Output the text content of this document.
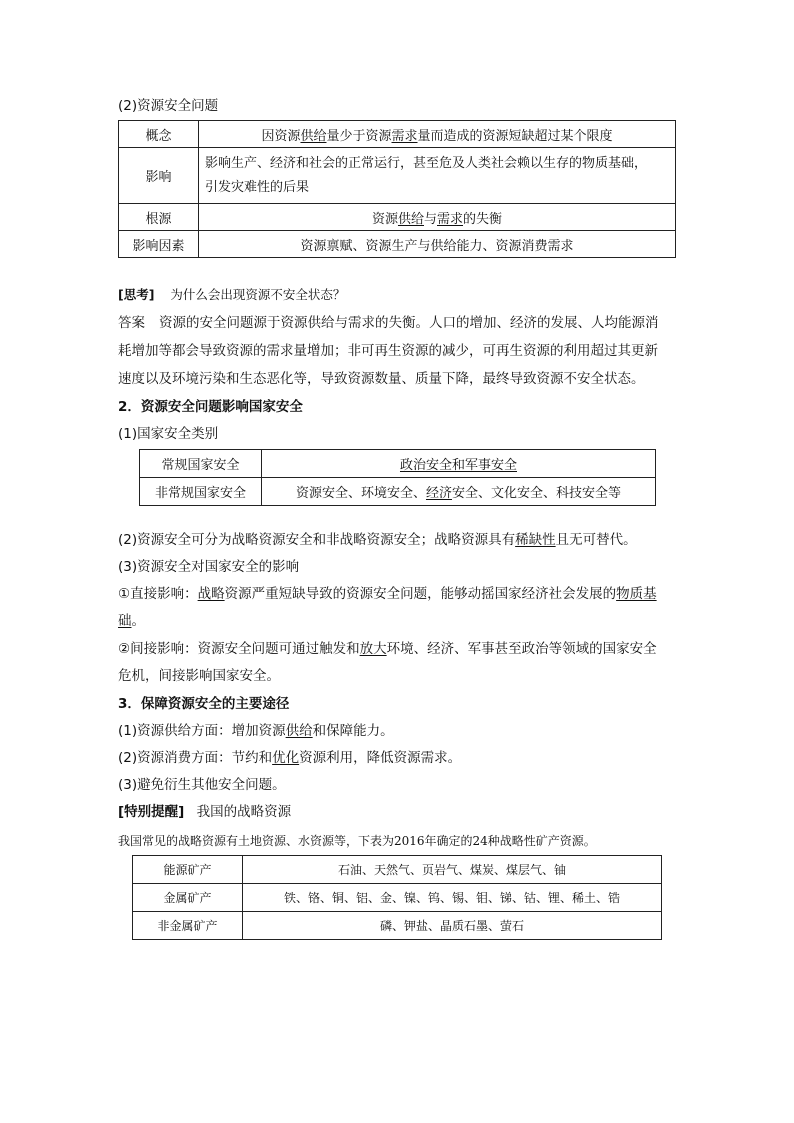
(2)资源安全问题
概念	因资源供给量少于资源需求量而造成的资源短缺超过某个限度
影响	影响生产、经济和社会的正常运行，甚至危及人类社会赖以生存的物质基础，
引发灾难性的后果

根源	资源供给与需求的失衡
影响因素	资源禀赋、资源生产与供给能力、资源消费需求
[思考] 为什么会出现资源不安全状态？
答案 资源的安全问题源于资源供给与需求的失衡。人口的增加、经济的发展、人均能源消
耗增加等都会导致资源的需求量增加；非可再生资源的减少，可再生资源的利用超过其更新
速度以及环境污染和生态恶化等，导致资源数量、质量下降，最终导致资源不安全状态。
2．资源安全问题影响国家安全
(1)国家安全类别
常规国家安全	政治安全和军事安全
非常规国家安全	资源安全、环境安全、经济安全、文化安全、科技安全等
(2)资源安全可分为战略资源安全和非战略资源安全；战略资源具有稀缺性且无可替代。
(3)资源安全对国家安全的影响
①直接影响：战略资源严重短缺导致的资源安全问题，能够动摇国家经济社会发展的物质基
础。
②间接影响：资源安全问题可通过触发和放大环境、经济、军事甚至政治等领域的国家安全
危机，间接影响国家安全。
3．保障资源安全的主要途径
(1)资源供给方面：增加资源供给和保障能力。
(2)资源消费方面：节约和优化资源利用，降低资源需求。
(3)避免衍生其他安全问题。
[特别提醒] 我国的战略资源
我国常见的战略资源有土地资源、水资源等，下表为2016年确定的24种战略性矿产资源。
能源矿产	石油、天然气、页岩气、煤炭、煤层气、铀
金属矿产	铁、铬、铜、铝、金、镍、钨、锡、钼、锑、钴、锂、稀土、锆
非金属矿产	磷、钾盐、晶质石墨、萤石
